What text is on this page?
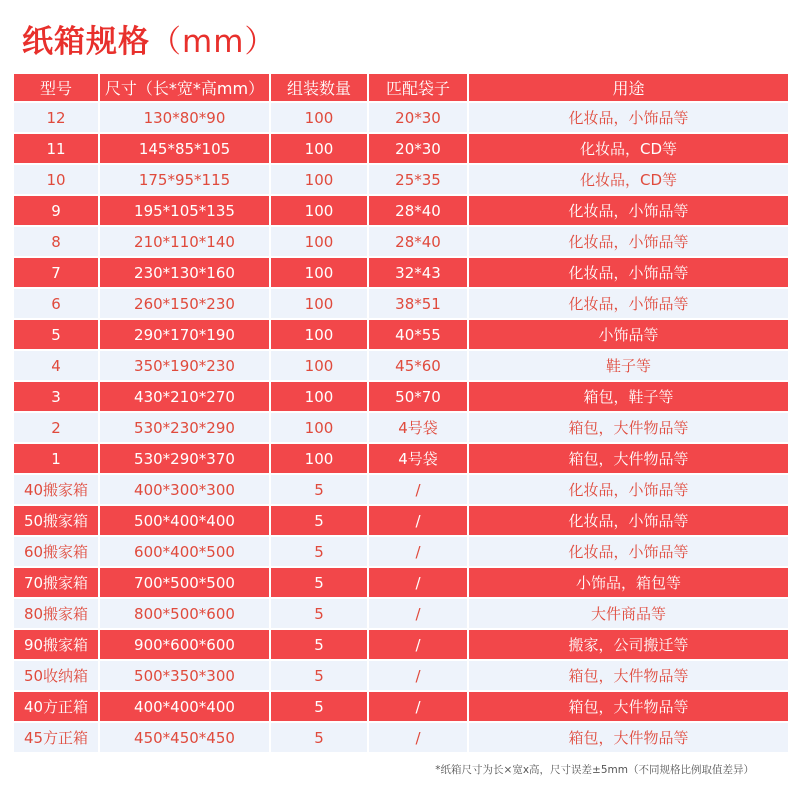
纸箱规格（mm）
型号	尺寸（长*宽*高mm）	组装数量	匹配袋子	用途
12	130*80*90	100	20*30	化妆品，小饰品等
11	145*85*105	100	20*30	化妆品，CD等
10	175*95*115	100	25*35	化妆品，CD等
9	195*105*135	100	28*40	化妆品，小饰品等
8	210*110*140	100	28*40	化妆品，小饰品等
7	230*130*160	100	32*43	化妆品，小饰品等
6	260*150*230	100	38*51	化妆品，小饰品等
5	290*170*190	100	40*55	小饰品等
4	350*190*230	100	45*60	鞋子等
3	430*210*270	100	50*70	箱包，鞋子等
2	530*230*290	100	4号袋	箱包，大件物品等
1	530*290*370	100	4号袋	箱包，大件物品等
40搬家箱	400*300*300	5	/	化妆品，小饰品等
50搬家箱	500*400*400	5	/	化妆品，小饰品等
60搬家箱	600*400*500	5	/	化妆品，小饰品等
70搬家箱	700*500*500	5	/	小饰品，箱包等
80搬家箱	800*500*600	5	/	大件商品等
90搬家箱	900*600*600	5	/	搬家，公司搬迁等
50收纳箱	500*350*300	5	/	箱包，大件物品等
40方正箱	400*400*400	5	/	箱包，大件物品等
45方正箱	450*450*450	5	/	箱包，大件物品等
*纸箱尺寸为长×宽x高，尺寸误差±5mm（不同规格比例取值差异）
